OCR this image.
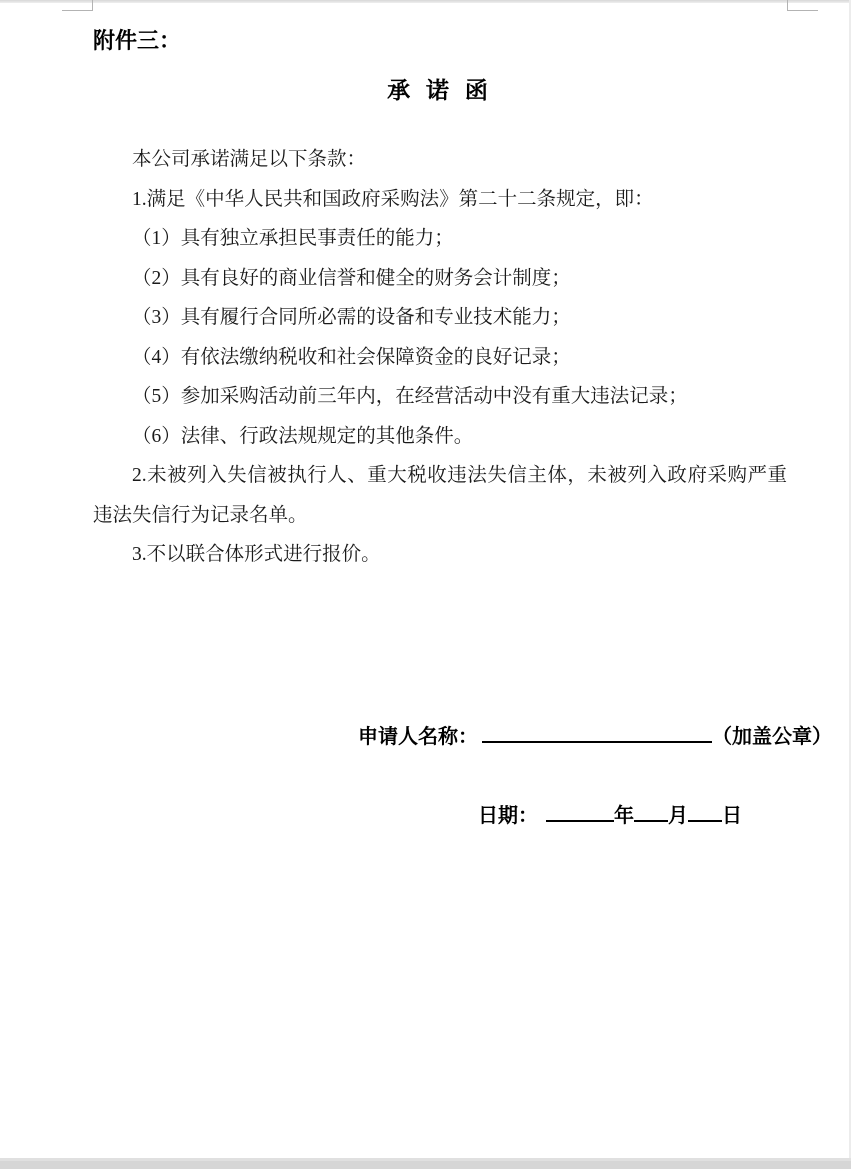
附件三：
承 诺 函

本公司承诺满足以下条款：

1.满足《中华人民共和国政府采购法》第二十二条规定，即：

（1）具有独立承担民事责任的能力；

（2）具有良好的商业信誉和健全的财务会计制度；

（3）具有履行合同所必需的设备和专业技术能力；

（4）有依法缴纳税收和社会保障资金的良好记录；

（5）参加采购活动前三年内，在经营活动中没有重大违法记录；

（6）法律、行政法规规定的其他条件。

2.未被列入失信被执行人、重大税收违法失信主体，未被列入政府采购严重违法失信行为记录名单。

3.不以联合体形式进行报价。

申请人名称：	（加盖公章）
日期：	年 月 日
